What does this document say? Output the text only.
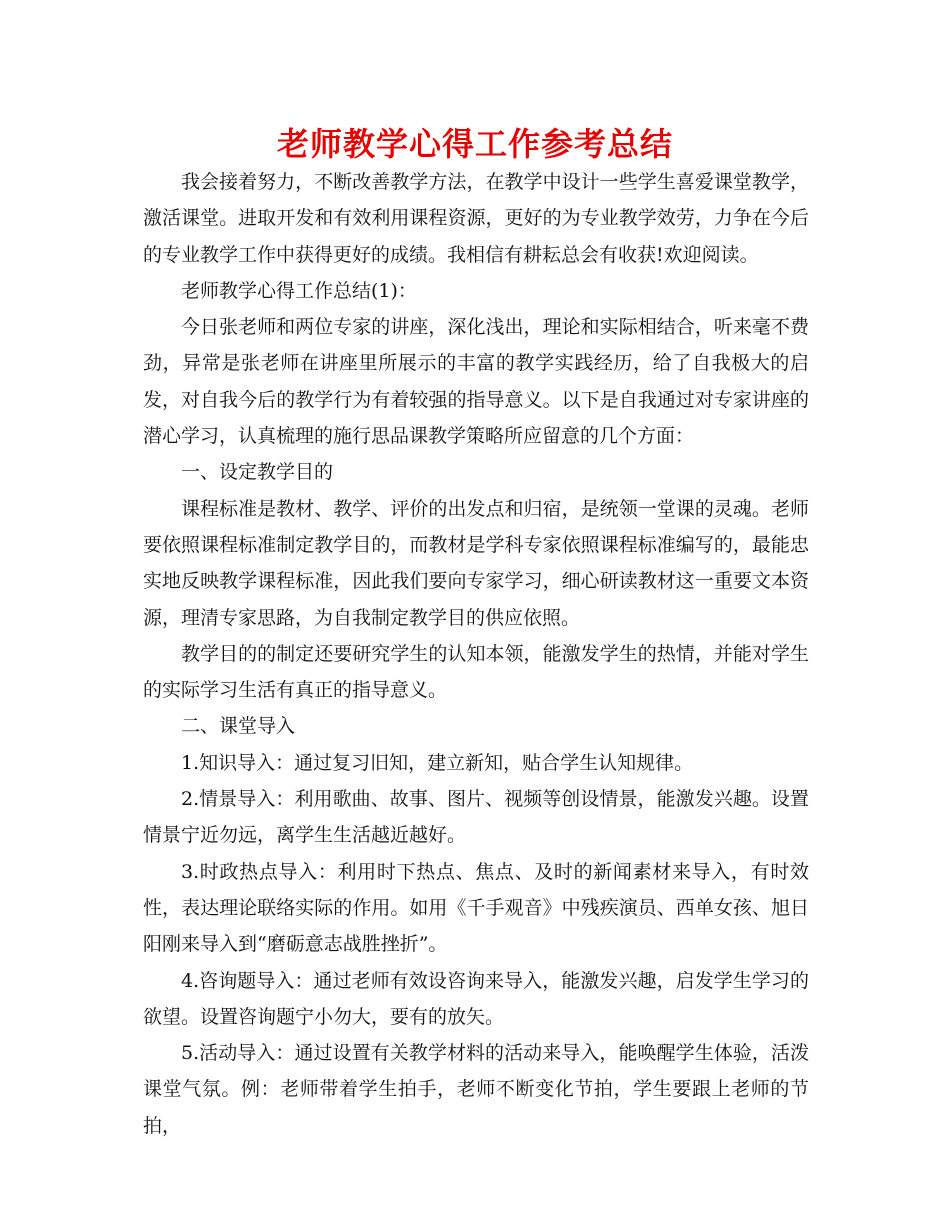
老师教学心得工作参考总结

我会接着努力，不断改善教学方法，在教学中设计一些学生喜爱课堂教学，激活课堂。进取开发和有效利用课程资源，更好的为专业教学效劳，力争在今后的专业教学工作中获得更好的成绩。我相信有耕耘总会有收获!欢迎阅读。

老师教学心得工作总结(1)：

今日张老师和两位专家的讲座，深化浅出，理论和实际相结合，听来毫不费劲，异常是张老师在讲座里所展示的丰富的教学实践经历，给了自我极大的启发，对自我今后的教学行为有着较强的指导意义。以下是自我通过对专家讲座的潜心学习，认真梳理的施行思品课教学策略所应留意的几个方面：

一、设定教学目的

课程标准是教材、教学、评价的出发点和归宿，是统领一堂课的灵魂。老师要依照课程标准制定教学目的，而教材是学科专家依照课程标准编写的，最能忠实地反映教学课程标准，因此我们要向专家学习，细心研读教材这一重要文本资源，理清专家思路，为自我制定教学目的供应依照。

教学目的的制定还要研究学生的认知本领，能激发学生的热情，并能对学生的实际学习生活有真正的指导意义。

二、课堂导入

1.知识导入：通过复习旧知，建立新知，贴合学生认知规律。

2.情景导入：利用歌曲、故事、图片、视频等创设情景，能激发兴趣。设置情景宁近勿远，离学生生活越近越好。

3.时政热点导入：利用时下热点、焦点、及时的新闻素材来导入，有时效性，表达理论联络实际的作用。如用《千手观音》中残疾演员、西单女孩、旭日阳刚来导入到“磨砺意志战胜挫折”。

4.咨询题导入：通过老师有效设咨询来导入，能激发兴趣，启发学生学习的欲望。设置咨询题宁小勿大，要有的放矢。

5.活动导入：通过设置有关教学材料的活动来导入，能唤醒学生体验，活泼课堂气氛。例：老师带着学生拍手，老师不断变化节拍，学生要跟上老师的节拍，
